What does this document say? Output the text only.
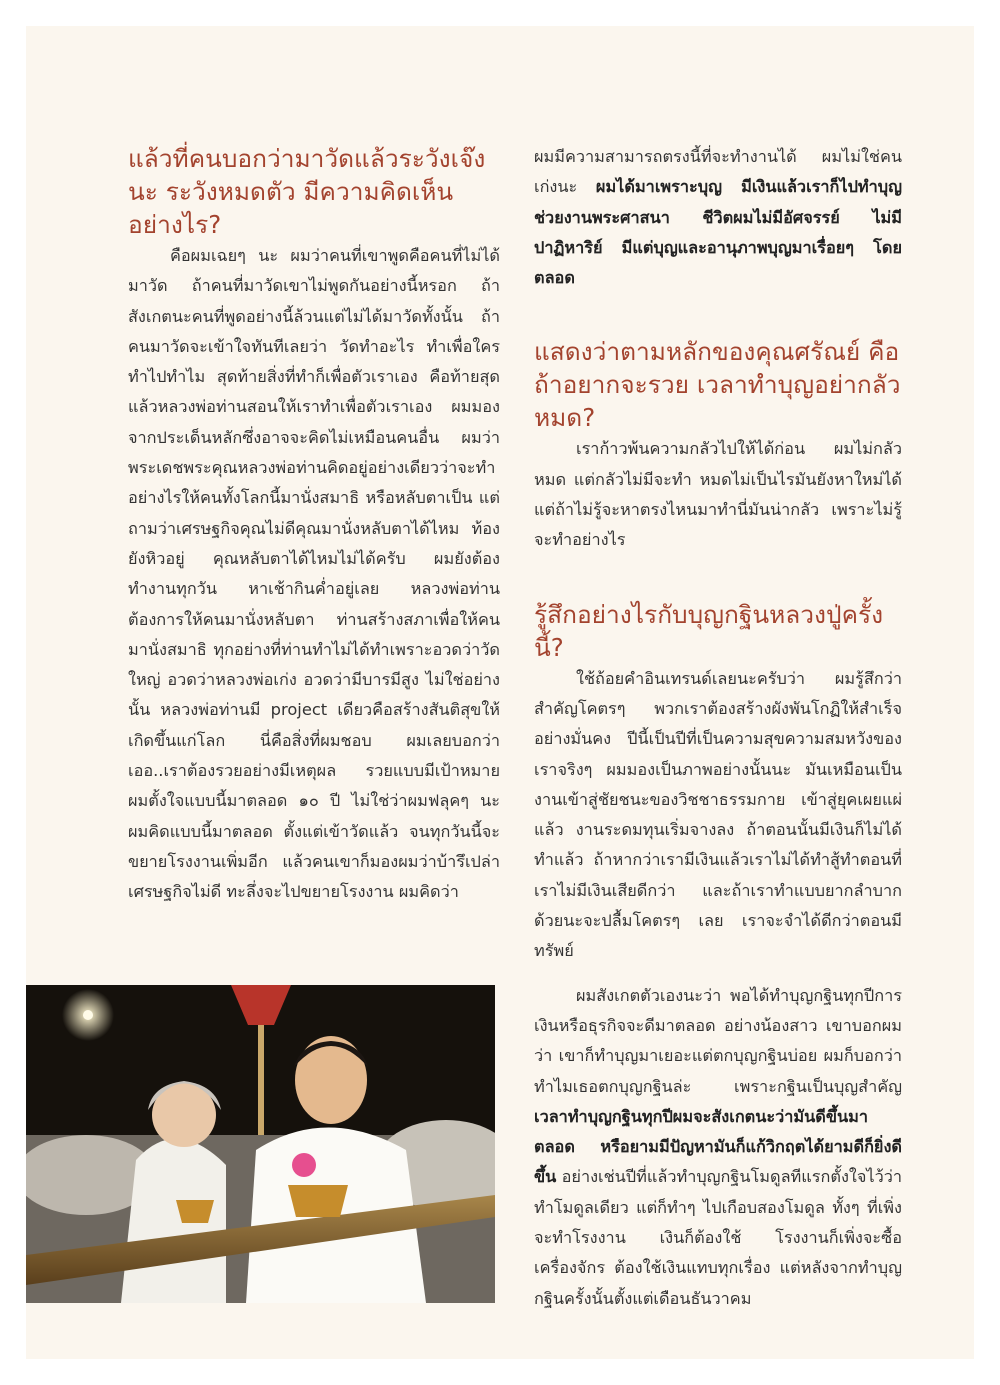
แล้วที่คนบอกว่ามาวัดแล้วระวังเจ๊งนะ ระวังหมดตัว มีความคิดเห็นอย่างไร?

คือผมเฉยๆ นะ ผมว่าคนที่เขาพูดคือคนที่ไม่ได้มาวัด ถ้าคนที่มาวัดเขาไม่พูดกันอย่างนี้หรอก ถ้าสังเกตนะคนที่พูดอย่างนี้ล้วนแต่ไม่ได้มาวัดทั้งนั้น ถ้าคนมาวัดจะเข้าใจทันทีเลยว่า วัดทำอะไร ทำเพื่อใคร ทำไปทำไม สุดท้ายสิ่งที่ทำก็เพื่อตัวเราเอง คือท้ายสุดแล้วหลวงพ่อท่านสอนให้เราทำเพื่อตัวเราเอง ผมมองจากประเด็นหลักซึ่งอาจจะคิดไม่เหมือนคนอื่น ผมว่าพระเดชพระคุณหลวงพ่อท่านคิดอยู่อย่างเดียวว่าจะทำอย่างไรให้คนทั้งโลกนี้มานั่งสมาธิ หรือหลับตาเป็น แต่ถามว่าเศรษฐกิจคุณไม่ดีคุณมานั่งหลับตาได้ไหม ท้องยังหิวอยู่ คุณหลับตาได้ไหมไม่ได้ครับ ผมยังต้องทำงานทุกวัน หาเช้ากินค่ำอยู่เลย หลวงพ่อท่านต้องการให้คนมานั่งหลับตา ท่านสร้างสภาเพื่อให้คนมานั่งสมาธิ ทุกอย่างที่ท่านทำไม่ได้ทำเพราะอวดว่าวัดใหญ่ อวดว่าหลวงพ่อเก่ง อวดว่ามีบารมีสูง ไม่ใช่อย่างนั้น หลวงพ่อท่านมี project เดียวคือสร้างสันติสุขให้เกิดขึ้นแก่โลก นี่คือสิ่งที่ผมชอบ ผมเลยบอกว่า เออ..เราต้องรวยอย่างมีเหตุผล รวยแบบมีเป้าหมาย ผมตั้งใจแบบนี้มาตลอด ๑๐ ปี ไม่ใช่ว่าผมฟลุคๆ นะ ผมคิดแบบนี้มาตลอด ตั้งแต่เข้าวัดแล้ว จนทุกวันนี้จะขยายโรงงานเพิ่มอีก แล้วคนเขาก็มองผมว่าบ้ารึเปล่า เศรษฐกิจไม่ดี ทะลึ่งจะไปขยายโรงงาน ผมคิดว่า

ผมมีความสามารถตรงนี้ที่จะทำงานได้ ผมไม่ใช่คนเก่งนะ ผมได้มาเพราะบุญ มีเงินแล้วเราก็ไปทำบุญช่วยงานพระศาสนา ชีวิตผมไม่มีอัศจรรย์ ไม่มีปาฏิหาริย์ มีแต่บุญและอานุภาพบุญมาเรื่อยๆ โดยตลอด

แสดงว่าตามหลักของคุณศรัณย์ คือ ถ้าอยากจะรวย เวลาทำบุญอย่ากลัวหมด?

เราก้าวพ้นความกลัวไปให้ได้ก่อน ผมไม่กลัวหมด แต่กลัวไม่มีจะทำ หมดไม่เป็นไรมันยังหาใหม่ได้ แต่ถ้าไม่รู้จะหาตรงไหนมาทำนี่มันน่ากลัว เพราะไม่รู้จะทำอย่างไร

รู้สึกอย่างไรกับบุญกฐินหลวงปู่ครั้งนี้?

ใช้ถ้อยคำอินเทรนด์เลยนะครับว่า ผมรู้สึกว่าสำคัญโคตรๆ พวกเราต้องสร้างผังพันโกฏิให้สำเร็จอย่างมั่นคง ปีนี้เป็นปีที่เป็นความสุขความสมหวังของเราจริงๆ ผมมองเป็นภาพอย่างนั้นนะ มันเหมือนเป็นงานเข้าสู่ชัยชนะของวิชชาธรรมกาย เข้าสู่ยุคเผยแผ่แล้ว งานระดมทุนเริ่มจางลง ถ้าตอนนั้นมีเงินก็ไม่ได้ทำแล้ว ถ้าหากว่าเรามีเงินแล้วเราไม่ได้ทำสู้ทำตอนที่เราไม่มีเงินเสียดีกว่า และถ้าเราทำแบบยากลำบากด้วยนะจะปลื้มโคตรๆ เลย เราจะจำได้ดีกว่าตอนมีทรัพย์

ผมสังเกตตัวเองนะว่า พอได้ทำบุญกฐินทุกปีการเงินหรือธุรกิจจะดีมาตลอด อย่างน้องสาว เขาบอกผมว่า เขาก็ทำบุญมาเยอะแต่ตกบุญกฐินบ่อย ผมก็บอกว่า ทำไมเธอตกบุญกฐินล่ะ เพราะกฐินเป็นบุญสำคัญ เวลาทำบุญกฐินทุกปีผมจะสังเกตนะว่ามันดีขึ้นมาตลอด หรือยามมีปัญหามันก็แก้วิกฤตได้ยามดีก็ยิ่งดีขึ้น อย่างเช่นปีที่แล้วทำบุญกฐินโมดูลทีแรกตั้งใจไว้ว่าทำโมดูลเดียว แต่ก็ทำๆ ไปเกือบสองโมดูล ทั้งๆ ที่เพิ่งจะทำโรงงาน เงินก็ต้องใช้ โรงงานก็เพิ่งจะซื้อเครื่องจักร ต้องใช้เงินแทบทุกเรื่อง แต่หลังจากทำบุญกฐินครั้งนั้นตั้งแต่เดือนธันวาคม
